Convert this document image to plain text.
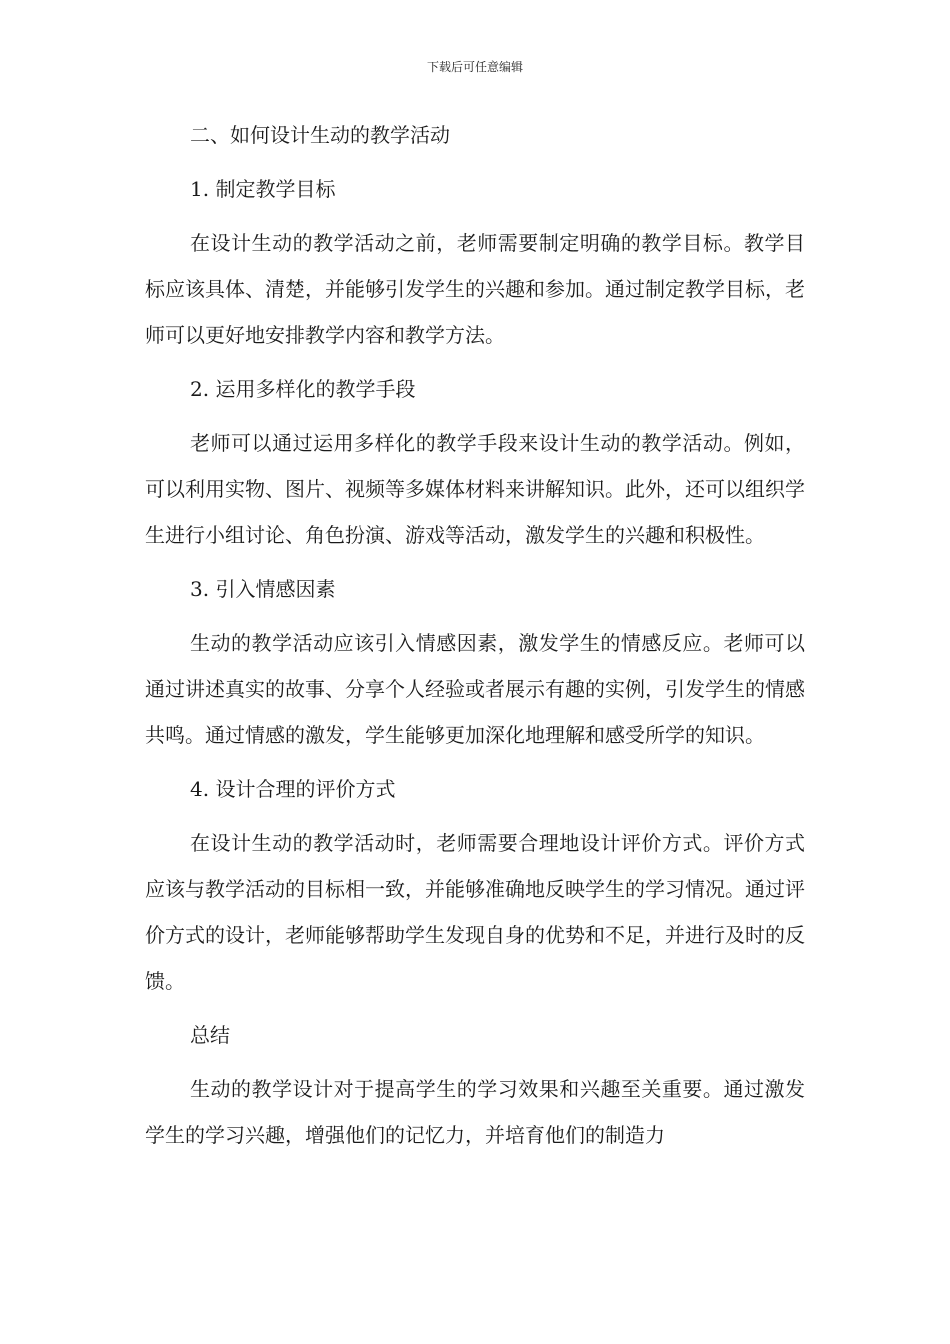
下载后可任意编辑

二、如何设计生动的教学活动

1. 制定教学目标

在设计生动的教学活动之前，老师需要制定明确的教学目标。教学目标应该具体、清楚，并能够引发学生的兴趣和参加。通过制定教学目标，老师可以更好地安排教学内容和教学方法。

2. 运用多样化的教学手段

老师可以通过运用多样化的教学手段来设计生动的教学活动。例如，可以利用实物、图片、视频等多媒体材料来讲解知识。此外，还可以组织学生进行小组讨论、角色扮演、游戏等活动，激发学生的兴趣和积极性。

3. 引入情感因素

生动的教学活动应该引入情感因素，激发学生的情感反应。老师可以通过讲述真实的故事、分享个人经验或者展示有趣的实例，引发学生的情感共鸣。通过情感的激发，学生能够更加深化地理解和感受所学的知识。

4. 设计合理的评价方式

在设计生动的教学活动时，老师需要合理地设计评价方式。评价方式应该与教学活动的目标相一致，并能够准确地反映学生的学习情况。通过评价方式的设计，老师能够帮助学生发现自身的优势和不足，并进行及时的反馈。

总结

生动的教学设计对于提高学生的学习效果和兴趣至关重要。通过激发学生的学习兴趣，增强他们的记忆力，并培育他们的制造力
